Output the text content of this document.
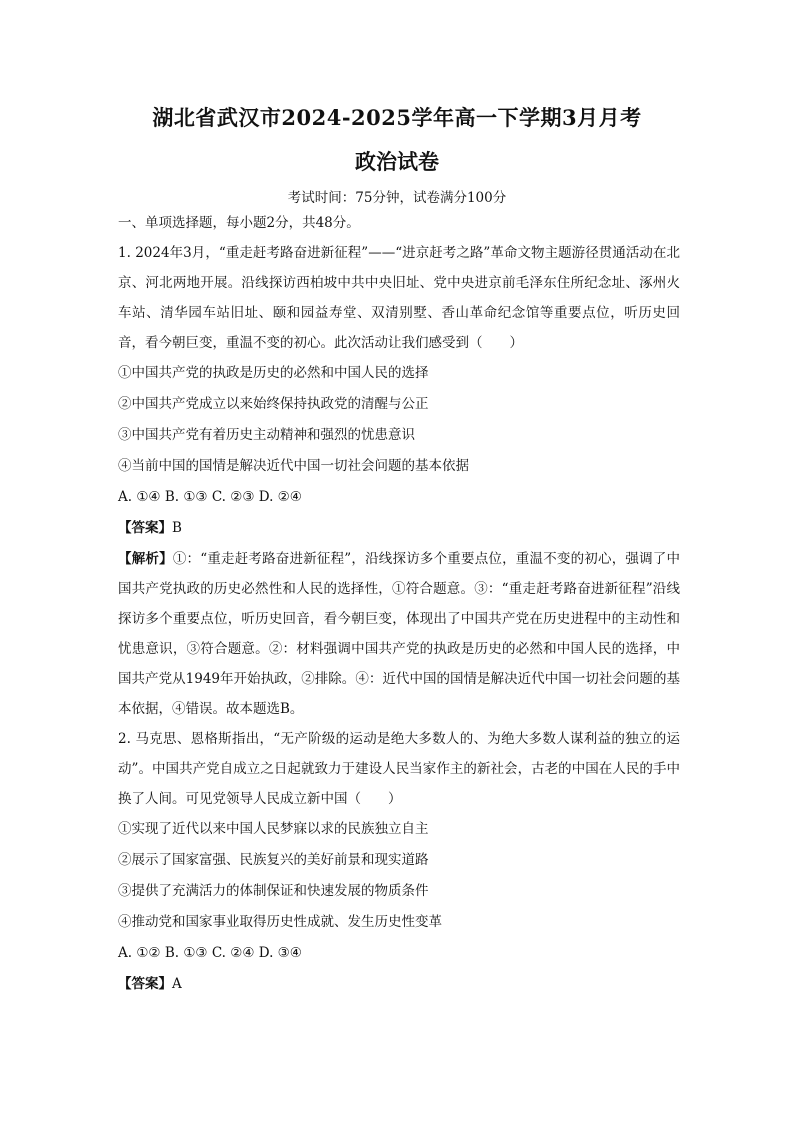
湖北省武汉市2024-2025学年高一下学期3月月考
政治试卷
考试时间：75分钟，试卷满分100分

一、单项选择题，每小题2分，共48分。

1. 2024年3月，“重走赶考路奋进新征程”——“进京赶考之路”革命文物主题游径贯通活动在北京、河北两地开展。沿线探访西柏坡中共中央旧址、党中央进京前毛泽东住所纪念址、涿州火车站、清华园车站旧址、颐和园益寿堂、双清别墅、香山革命纪念馆等重要点位，听历史回音，看今朝巨变，重温不变的初心。此次活动让我们感受到（　　）

①中国共产党的执政是历史的必然和中国人民的选择

②中国共产党成立以来始终保持执政党的清醒与公正

③中国共产党有着历史主动精神和强烈的忧患意识

④当前中国的国情是解决近代中国一切社会问题的基本依据

A. ①④ B. ①③ C. ②③ D. ②④

【答案】B

【解析】①：“重走赶考路奋进新征程”，沿线探访多个重要点位，重温不变的初心，强调了中国共产党执政的历史必然性和人民的选择性，①符合题意。③：“重走赶考路奋进新征程”沿线探访多个重要点位，听历史回音，看今朝巨变，体现出了中国共产党在历史进程中的主动性和忧患意识，③符合题意。②：材料强调中国共产党的执政是历史的必然和中国人民的选择，中国共产党从1949年开始执政，②排除。④：近代中国的国情是解决近代中国一切社会问题的基本依据，④错误。故本题选B。

2. 马克思、恩格斯指出，“无产阶级的运动是绝大多数人的、为绝大多数人谋利益的独立的运动”。中国共产党自成立之日起就致力于建设人民当家作主的新社会，古老的中国在人民的手中换了人间。可见党领导人民成立新中国（　　）

①实现了近代以来中国人民梦寐以求的民族独立自主

②展示了国家富强、民族复兴的美好前景和现实道路

③提供了充满活力的体制保证和快速发展的物质条件

④推动党和国家事业取得历史性成就、发生历史性变革

A. ①② B. ①③ C. ②④ D. ③④

【答案】A
